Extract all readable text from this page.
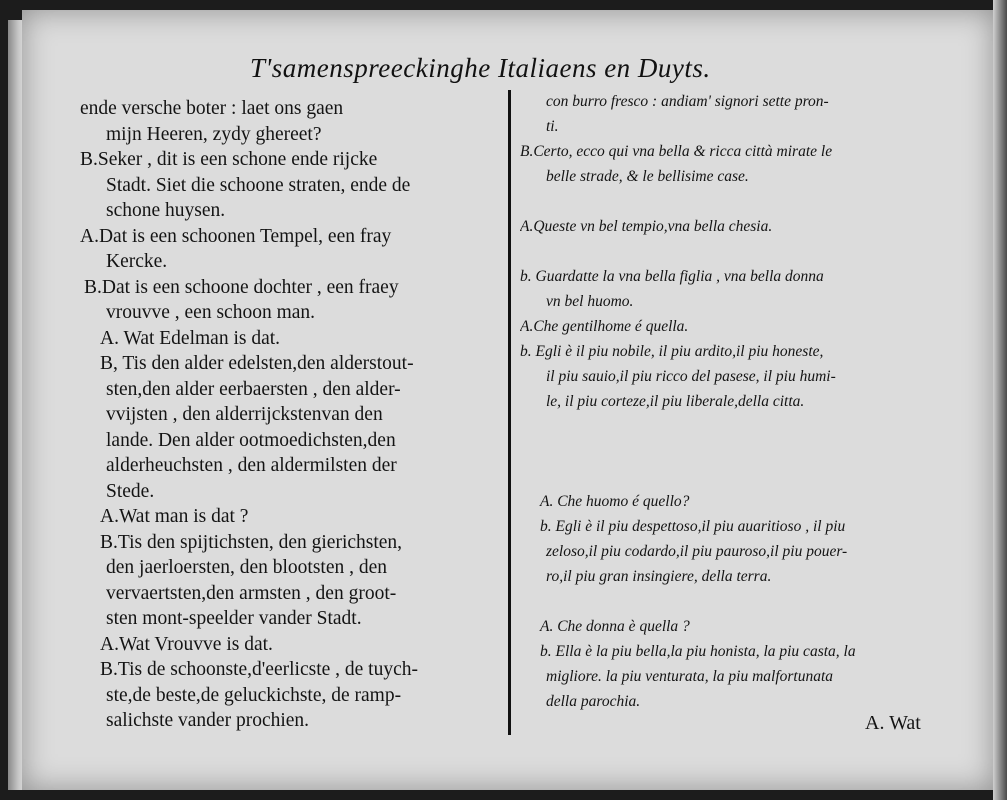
T'samenspreeckinghe Italiaens en Duyts.
ende versche boter : laet ons gaen
mijn Heeren, zydy ghereet?
B.Seker , dit is een schone ende rijcke
Stadt. Siet die schoone straten, ende de
schone huysen.
A.Dat is een schoonen Tempel, een fray
Kercke.
B.Dat is een schoone dochter , een fraey
vrouvve , een schoon man.
A. Wat Edelman is dat.
B, Tis den alder edelsten,den alderstout-
sten,den alder eerbaersten , den alder-
vvijsten , den alderrijckstenvan den
lande. Den alder ootmoedichsten,den
alderheuchsten , den aldermilsten der
Stede.
A.Wat man is dat ?
B.Tis den spijtichsten, den gierichsten,
den jaerloersten, den blootsten , den
vervaertsten,den armsten , den groot-
sten mont-speelder vander Stadt.
A.Wat Vrouvve is dat.
B.Tis de schoonste,d'eerlicste , de tuych-
ste,de beste,de geluckichste, de ramp-
salichste vander prochien.
con burro fresco : andiam' signori sette pron-
ti.
B.Certo, ecco qui vna bella & ricca città mirate le
belle strade, & le bellisime case.
A.Queste vn bel tempio,vna bella chesia.
b. Guardatte la vna bella figlia , vna bella donna
vn bel huomo.
A.Che gentilhome é quella.
b. Egli è il piu nobile, il piu ardito,il piu honeste,
il piu sauio,il piu ricco del pasese, il piu humi-
le, il piu corteze,il piu liberale,della citta.
A. Che huomo é quello?
b. Egli è il piu despettoso,il piu auaritioso , il piu
zeloso,il piu codardo,il piu pauroso,il piu pouer-
ro,il piu gran insingiere, della terra.
A. Che donna è quella ?
b. Ella è la piu bella,la piu honista, la piu casta, la
migliore. la piu venturata, la piu malfortunata
della parochia.
A. Wat
